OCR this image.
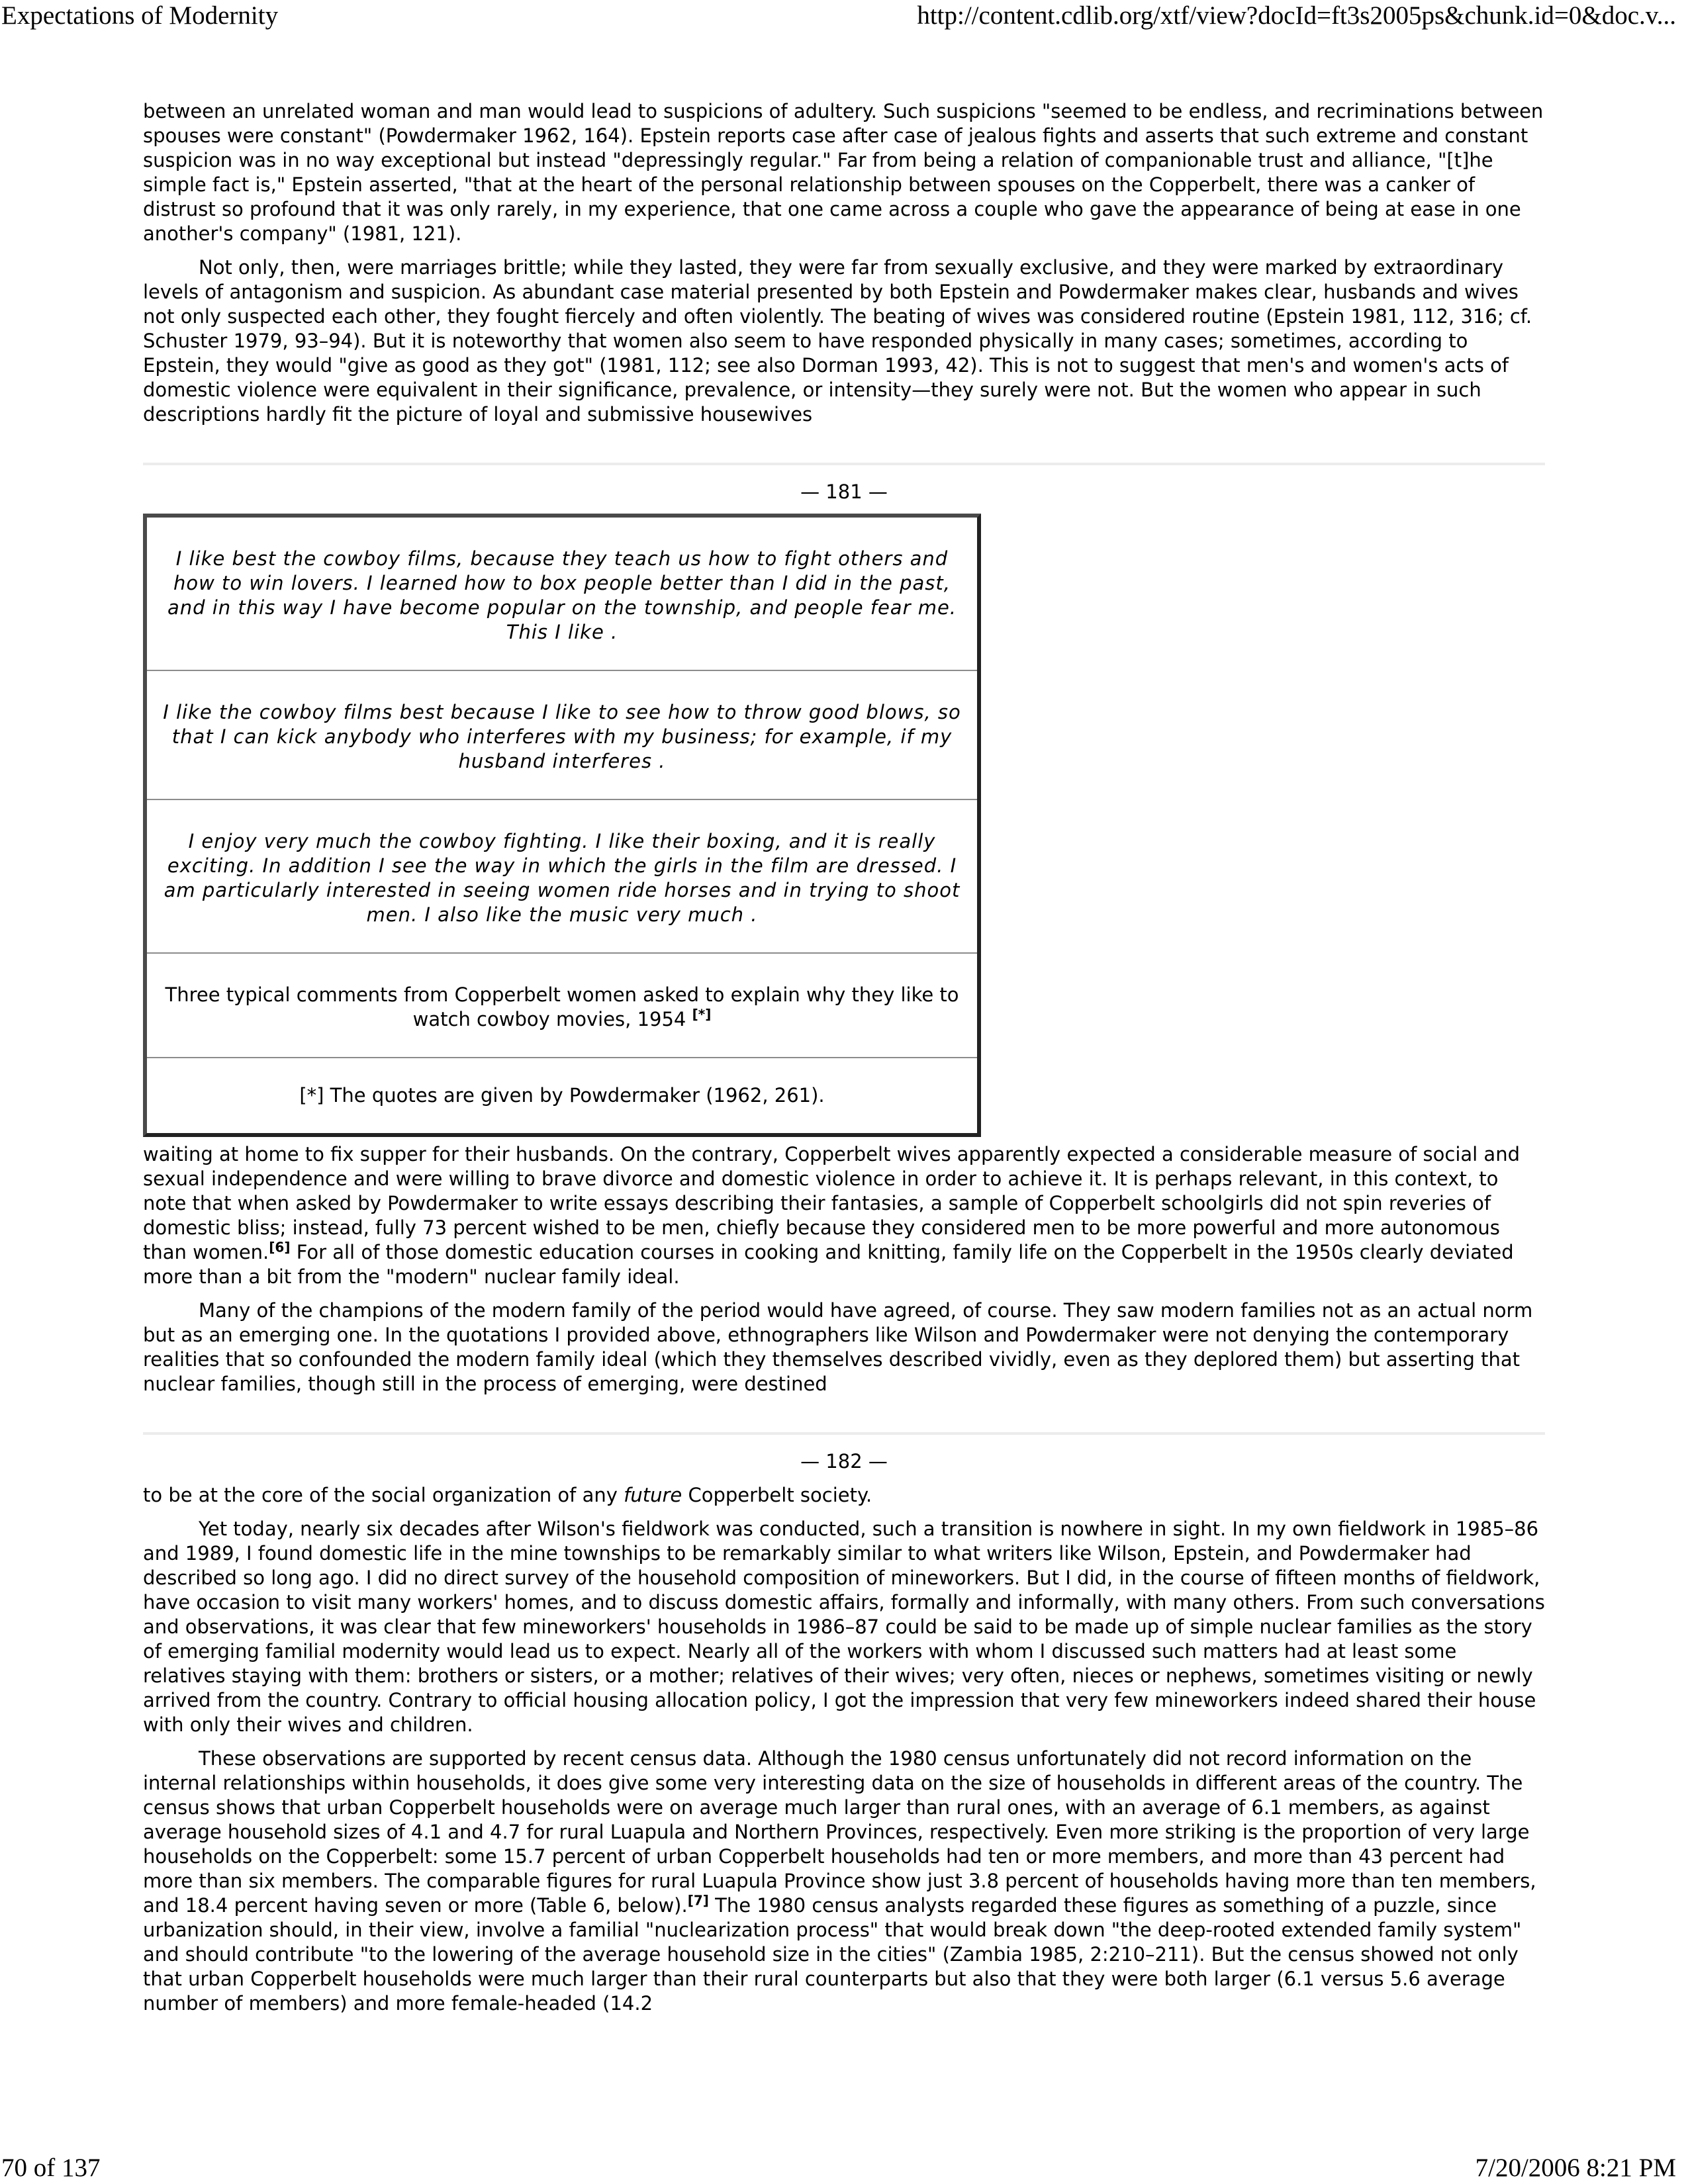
Expectations of Modernity	http://content.cdlib.org/xtf/view?docId=ft3s2005ps&chunk.id=0&doc.v...

between an unrelated woman and man would lead to suspicions of adultery. Such suspicions "seemed to be endless, and recriminations between spouses were constant" (Powdermaker 1962, 164). Epstein reports case after case of jealous fights and asserts that such extreme and constant suspicion was in no way exceptional but instead "depressingly regular." Far from being a relation of companionable trust and alliance, "[t]he simple fact is," Epstein asserted, "that at the heart of the personal relationship between spouses on the Copperbelt, there was a canker of distrust so profound that it was only rarely, in my experience, that one came across a couple who gave the appearance of being at ease in one another's company" (1981, 121).

Not only, then, were marriages brittle; while they lasted, they were far from sexually exclusive, and they were marked by extraordinary levels of antagonism and suspicion. As abundant case material presented by both Epstein and Powdermaker makes clear, husbands and wives not only suspected each other, they fought fiercely and often violently. The beating of wives was considered routine (Epstein 1981, 112, 316; cf. Schuster 1979, 93–94). But it is noteworthy that women also seem to have responded physically in many cases; sometimes, according to Epstein, they would "give as good as they got" (1981, 112; see also Dorman 1993, 42). This is not to suggest that men's and women's acts of domestic violence were equivalent in their significance, prevalence, or intensity—they surely were not. But the women who appear in such descriptions hardly fit the picture of loyal and submissive housewives

— 181 —
I like best the cowboy films, because they teach us how to fight others and how to win lovers. I learned how to box people better than I did in the past, and in this way I have become popular on the township, and people fear me. This I like .
I like the cowboy films best because I like to see how to throw good blows, so that I can kick anybody who interferes with my business; for example, if my husband interferes .
I enjoy very much the cowboy fighting. I like their boxing, and it is really exciting. In addition I see the way in which the girls in the film are dressed. I am particularly interested in seeing women ride horses and in trying to shoot men. I also like the music very much .
Three typical comments from Copperbelt women asked to explain why they like to watch cowboy movies, 1954 [*]
[*] The quotes are given by Powdermaker (1962, 261).

waiting at home to fix supper for their husbands. On the contrary, Copperbelt wives apparently expected a considerable measure of social and sexual independence and were willing to brave divorce and domestic violence in order to achieve it. It is perhaps relevant, in this context, to note that when asked by Powdermaker to write essays describing their fantasies, a sample of Copperbelt schoolgirls did not spin reveries of domestic bliss; instead, fully 73 percent wished to be men, chiefly because they considered men to be more powerful and more autonomous than women.[6] For all of those domestic education courses in cooking and knitting, family life on the Copperbelt in the 1950s clearly deviated more than a bit from the "modern" nuclear family ideal.

Many of the champions of the modern family of the period would have agreed, of course. They saw modern families not as an actual norm but as an emerging one. In the quotations I provided above, ethnographers like Wilson and Powdermaker were not denying the contemporary realities that so confounded the modern family ideal (which they themselves described vividly, even as they deplored them) but asserting that nuclear families, though still in the process of emerging, were destined

— 182 —

to be at the core of the social organization of any future Copperbelt society.

Yet today, nearly six decades after Wilson's fieldwork was conducted, such a transition is nowhere in sight. In my own fieldwork in 1985–86 and 1989, I found domestic life in the mine townships to be remarkably similar to what writers like Wilson, Epstein, and Powdermaker had described so long ago. I did no direct survey of the household composition of mineworkers. But I did, in the course of fifteen months of fieldwork, have occasion to visit many workers' homes, and to discuss domestic affairs, formally and informally, with many others. From such conversations and observations, it was clear that few mineworkers' households in 1986–87 could be said to be made up of simple nuclear families as the story of emerging familial modernity would lead us to expect. Nearly all of the workers with whom I discussed such matters had at least some relatives staying with them: brothers or sisters, or a mother; relatives of their wives; very often, nieces or nephews, sometimes visiting or newly arrived from the country. Contrary to official housing allocation policy, I got the impression that very few mineworkers indeed shared their house with only their wives and children.

These observations are supported by recent census data. Although the 1980 census unfortunately did not record information on the internal relationships within households, it does give some very interesting data on the size of households in different areas of the country. The census shows that urban Copperbelt households were on average much larger than rural ones, with an average of 6.1 members, as against average household sizes of 4.1 and 4.7 for rural Luapula and Northern Provinces, respectively. Even more striking is the proportion of very large households on the Copperbelt: some 15.7 percent of urban Copperbelt households had ten or more members, and more than 43 percent had more than six members. The comparable figures for rural Luapula Province show just 3.8 percent of households having more than ten members, and 18.4 percent having seven or more (Table 6, below).[7] The 1980 census analysts regarded these figures as something of a puzzle, since urbanization should, in their view, involve a familial "nuclearization process" that would break down "the deep-rooted extended family system" and should contribute "to the lowering of the average household size in the cities" (Zambia 1985, 2:210–211). But the census showed not only that urban Copperbelt households were much larger than their rural counterparts but also that they were both larger (6.1 versus 5.6 average number of members) and more female-headed (14.2

70 of 137	7/20/2006 8:21 PM
